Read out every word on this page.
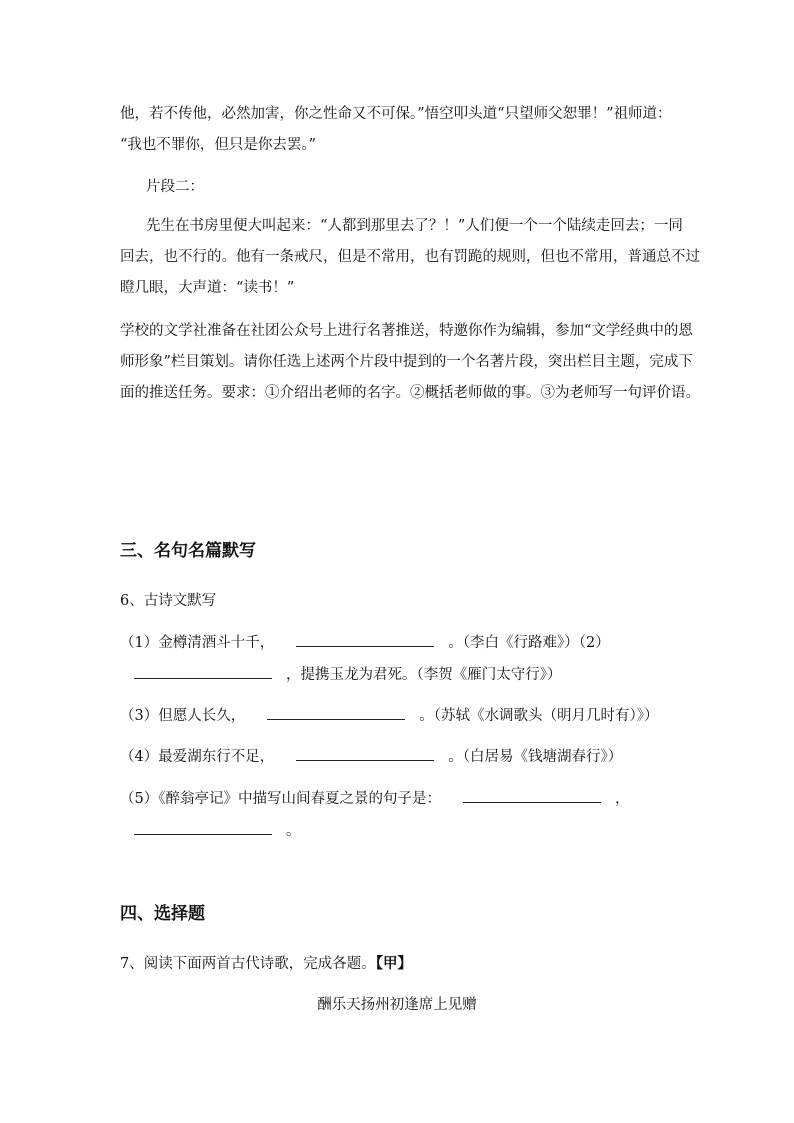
他，若不传他，必然加害，你之性命又不可保。”悟空叩头道“只望师父恕罪！”祖师道：
“我也不罪你，但只是你去罢。”
片段二：
先生在书房里便大叫起来：“人都到那里去了？！”人们便一个一个陆续走回去；一同
回去，也不行的。他有一条戒尺，但是不常用，也有罚跪的规则，但也不常用，普通总不过
瞪几眼，大声道：“读书！”
学校的文学社准备在社团公众号上进行名著推送，特邀你作为编辑，参加“文学经典中的恩
师形象”栏目策划。请你任选上述两个片段中提到的一个名著片段，突出栏目主题，完成下
面的推送任务。要求：①介绍出老师的名字。②概括老师做的事。③为老师写一句评价语。
三、名句名篇默写
6、古诗文默写
（1）金樽清酒斗十千，	。（李白《行路难》）（2）
，提携玉龙为君死。（李贺《雁门太守行》）
（3）但愿人长久，	。（苏轼《水调歌头（明月几时有）》）
（4）最爱湖东行不足，	。（白居易《钱塘湖春行》）
（5）《醉翁亭记》中描写山间春夏之景的句子是：	，
。
四、选择题
7、阅读下面两首古代诗歌，完成各题。【甲】
酬乐天扬州初逢席上见赠
